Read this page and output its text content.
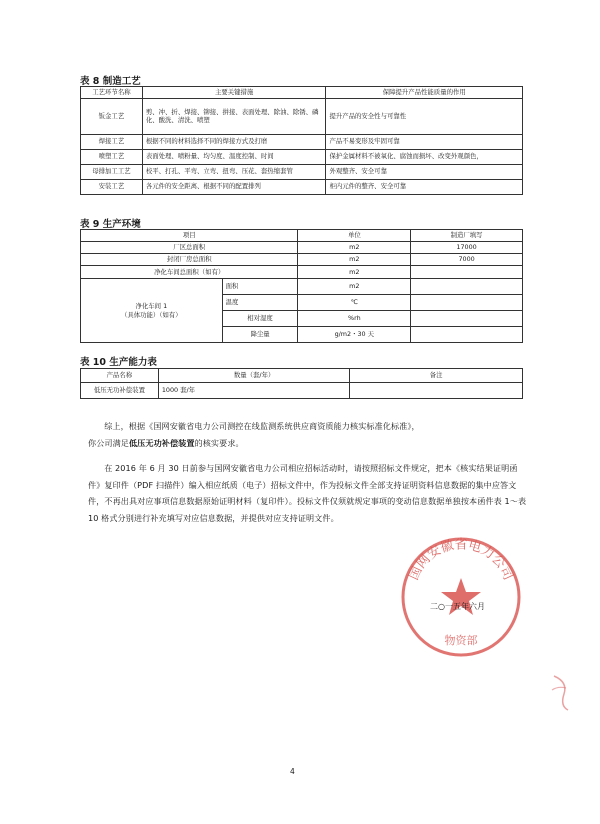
表 8 制造工艺
工艺环节名称	主要关键措施	保障提升产品性能质量的作用
钣金工艺	剪、冲、折、焊接、铆接、拼接、表面处理、除油、除锈、磷化、酸洗、清洗、喷塑	提升产品的安全性与可靠性
焊接工艺	根据不同的材料选择不同的焊接方式及打磨	产品不易变形及牢固可靠
喷塑工艺	表面处理、喷粉量、均匀度、温度控制、时间	保护金属材料不被氧化、腐蚀而损坏、改变外观颜色，
母排加工工艺	校平、打孔、平弯、立弯、扭弯、压花、套热缩套管	外观整齐、安全可靠
安装工艺	各元件的安全距离、根据不同的配置排列	柜内元件的整齐、安全可靠
表 9 生产环境
项目		单位	制造厂填写
厂区总面积		m2	17000
封闭厂房总面积		m2	7000
净化车间总面积（如有）		m2	

净化车间 1
（具体功能）（如有）	面积	m2	
	温度	℃	
	相对湿度	%rh	
	降尘量	g/m2・30 天	
表 10 生产能力表
产品名称	数量（套/年）	备注
低压无功补偿装置	1000 套/年	
综上，根据《国网安徽省电力公司测控在线监测系统供应商资质能力核实标准化标准》，
你公司满足低压无功补偿装置的核实要求。
在 2016 年 6 月 30 日前参与国网安徽省电力公司相应招标活动时，请按照招标文件规定，把本《核实结果证明函件》复印件（PDF 扫描件）编入相应纸质（电子）招标文件中，作为投标文件全部支持证明资料信息数据的集中应答文件，不再出具对应事项信息数据原始证明材料（复印件）。投标文件仅须就规定事项的变动信息数据单独按本函件表 1～表 10 格式分别进行补充填写对应信息数据，并提供对应支持证明文件。
国网安徽省电力公司
物资部
二○一五年六月
4
